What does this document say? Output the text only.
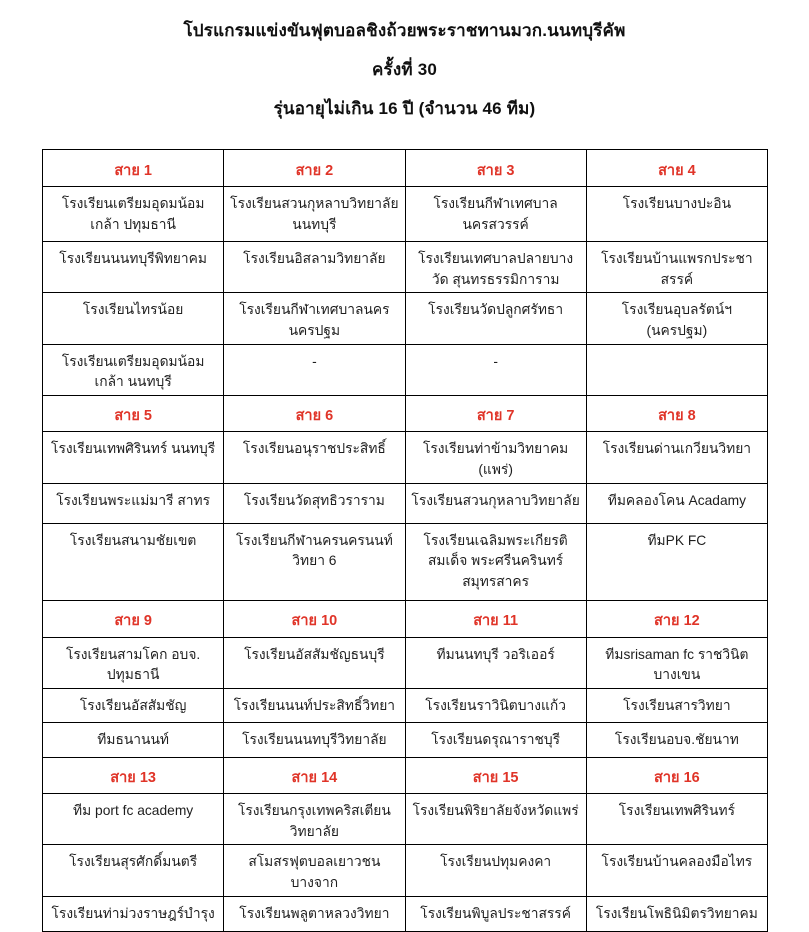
โปรแกรมแข่งขันฟุตบอลชิงถ้วยพระราชทานมวก.นนทบุรีคัพ
ครั้งที่ 30
รุ่นอายุไม่เกิน 16 ปี (จำนวน 46 ทีม)
สาย 1	สาย 2	สาย 3	สาย 4
โรงเรียนเตรียมอุดมน้อมเกล้า ปทุมธานี	โรงเรียนสวนกุหลาบวิทยาลัย นนทบุรี	โรงเรียนกีฬาเทศบาล นครสวรรค์	โรงเรียนบางปะอิน
โรงเรียนนนทบุรีพิทยาคม	โรงเรียนอิสลามวิทยาลัย	โรงเรียนเทศบาลปลายบางวัด สุนทรธรรมิการาม	โรงเรียนบ้านแพรกประชา สรรค์
โรงเรียนไทรน้อย	โรงเรียนกีฬาเทศบาลนคร นครปฐม	โรงเรียนวัดปลูกศรัทธา	โรงเรียนอุบลรัตน์ฯ (นครปฐม)
โรงเรียนเตรียมอุดมน้อมเกล้า นนทบุรี	-	-	
สาย 5	สาย 6	สาย 7	สาย 8
โรงเรียนเทพศิรินทร์ นนทบุรี	โรงเรียนอนุราชประสิทธิ์	โรงเรียนท่าข้ามวิทยาคม (แพร่)	โรงเรียนด่านเกวียนวิทยา
โรงเรียนพระแม่มารี สาทร	โรงเรียนวัดสุทธิวราราม	โรงเรียนสวนกุหลาบวิทยาลัย	ทีมคลองโคน Acadamy
โรงเรียนสนามชัยเขต	โรงเรียนกีฬานครนครนนท์วิทยา 6	โรงเรียนเฉลิมพระเกียรติสมเด็จ พระศรีนครินทร์สมุทรสาคร	ทีมPK FC
สาย 9	สาย 10	สาย 11	สาย 12
โรงเรียนสามโคก อบจ. ปทุมธานี	โรงเรียนอัสสัมชัญธนบุรี	ทีมนนทบุรี วอริเออร์	ทีมsrisaman fc ราชวินิต บางเขน
โรงเรียนอัสสัมชัญ	โรงเรียนนนท์ประสิทธิ์วิทยา	โรงเรียนราวินิตบางแก้ว	โรงเรียนสารวิทยา
ทีมธนานนท์	โรงเรียนนนทบุรีวิทยาลัย	โรงเรียนดรุณาราชบุรี	โรงเรียนอบจ.ชัยนาท
สาย 13	สาย 14	สาย 15	สาย 16
ทีม port fc academy	โรงเรียนกรุงเทพคริสเตียน วิทยาลัย	โรงเรียนพิริยาลัยจังหวัดแพร่	โรงเรียนเทพศิรินทร์
โรงเรียนสุรศักดิ์มนตรี	สโมสรฟุตบอลเยาวชนบางจาก	โรงเรียนปทุมคงคา	โรงเรียนบ้านคลองมือไทร
โรงเรียนท่าม่วงราษฎร์บำรุง	โรงเรียนพลูตาหลวงวิทยา	โรงเรียนพิบูลประชาสรรค์	โรงเรียนโพธินิมิตรวิทยาคม
